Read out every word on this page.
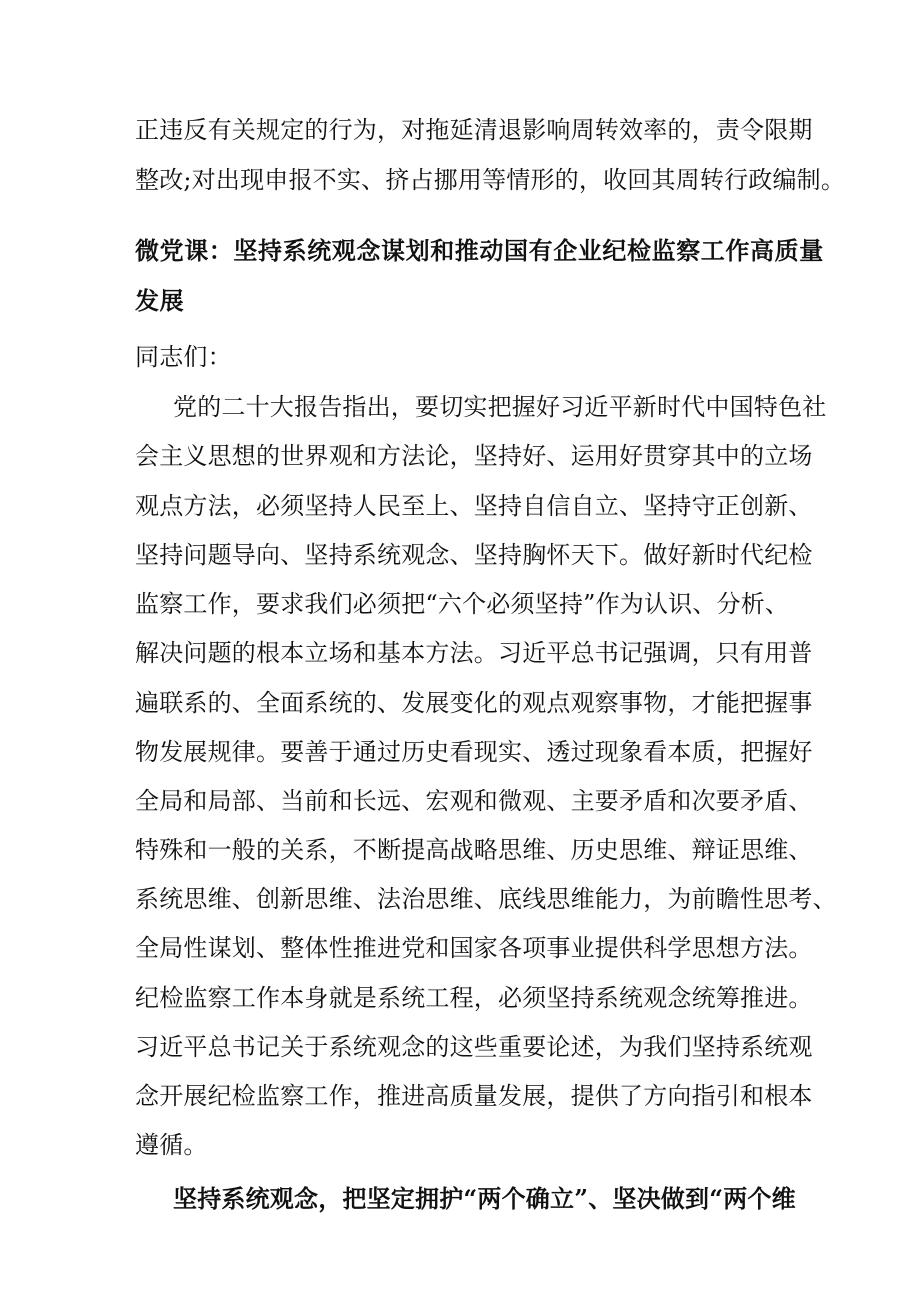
正违反有关规定的行为，对拖延清退影响周转效率的，责令限期
整改;对出现申报不实、挤占挪用等情形的，收回其周转行政编制。
微党课：坚持系统观念谋划和推动国有企业纪检监察工作高质量
发展
同志们：
党的二十大报告指出，要切实把握好习近平新时代中国特色社
会主义思想的世界观和方法论，坚持好、运用好贯穿其中的立场
观点方法，必须坚持人民至上、坚持自信自立、坚持守正创新、
坚持问题导向、坚持系统观念、坚持胸怀天下。做好新时代纪检
监察工作，要求我们必须把“六个必须坚持”作为认识、分析、
解决问题的根本立场和基本方法。习近平总书记强调，只有用普
遍联系的、全面系统的、发展变化的观点观察事物，才能把握事
物发展规律。要善于通过历史看现实、透过现象看本质，把握好
全局和局部、当前和长远、宏观和微观、主要矛盾和次要矛盾、
特殊和一般的关系，不断提高战略思维、历史思维、辩证思维、
系统思维、创新思维、法治思维、底线思维能力，为前瞻性思考、
全局性谋划、整体性推进党和国家各项事业提供科学思想方法。
纪检监察工作本身就是系统工程，必须坚持系统观念统筹推进。
习近平总书记关于系统观念的这些重要论述，为我们坚持系统观
念开展纪检监察工作，推进高质量发展，提供了方向指引和根本
遵循。
坚持系统观念，把坚定拥护“两个确立”、坚决做到“两个维
